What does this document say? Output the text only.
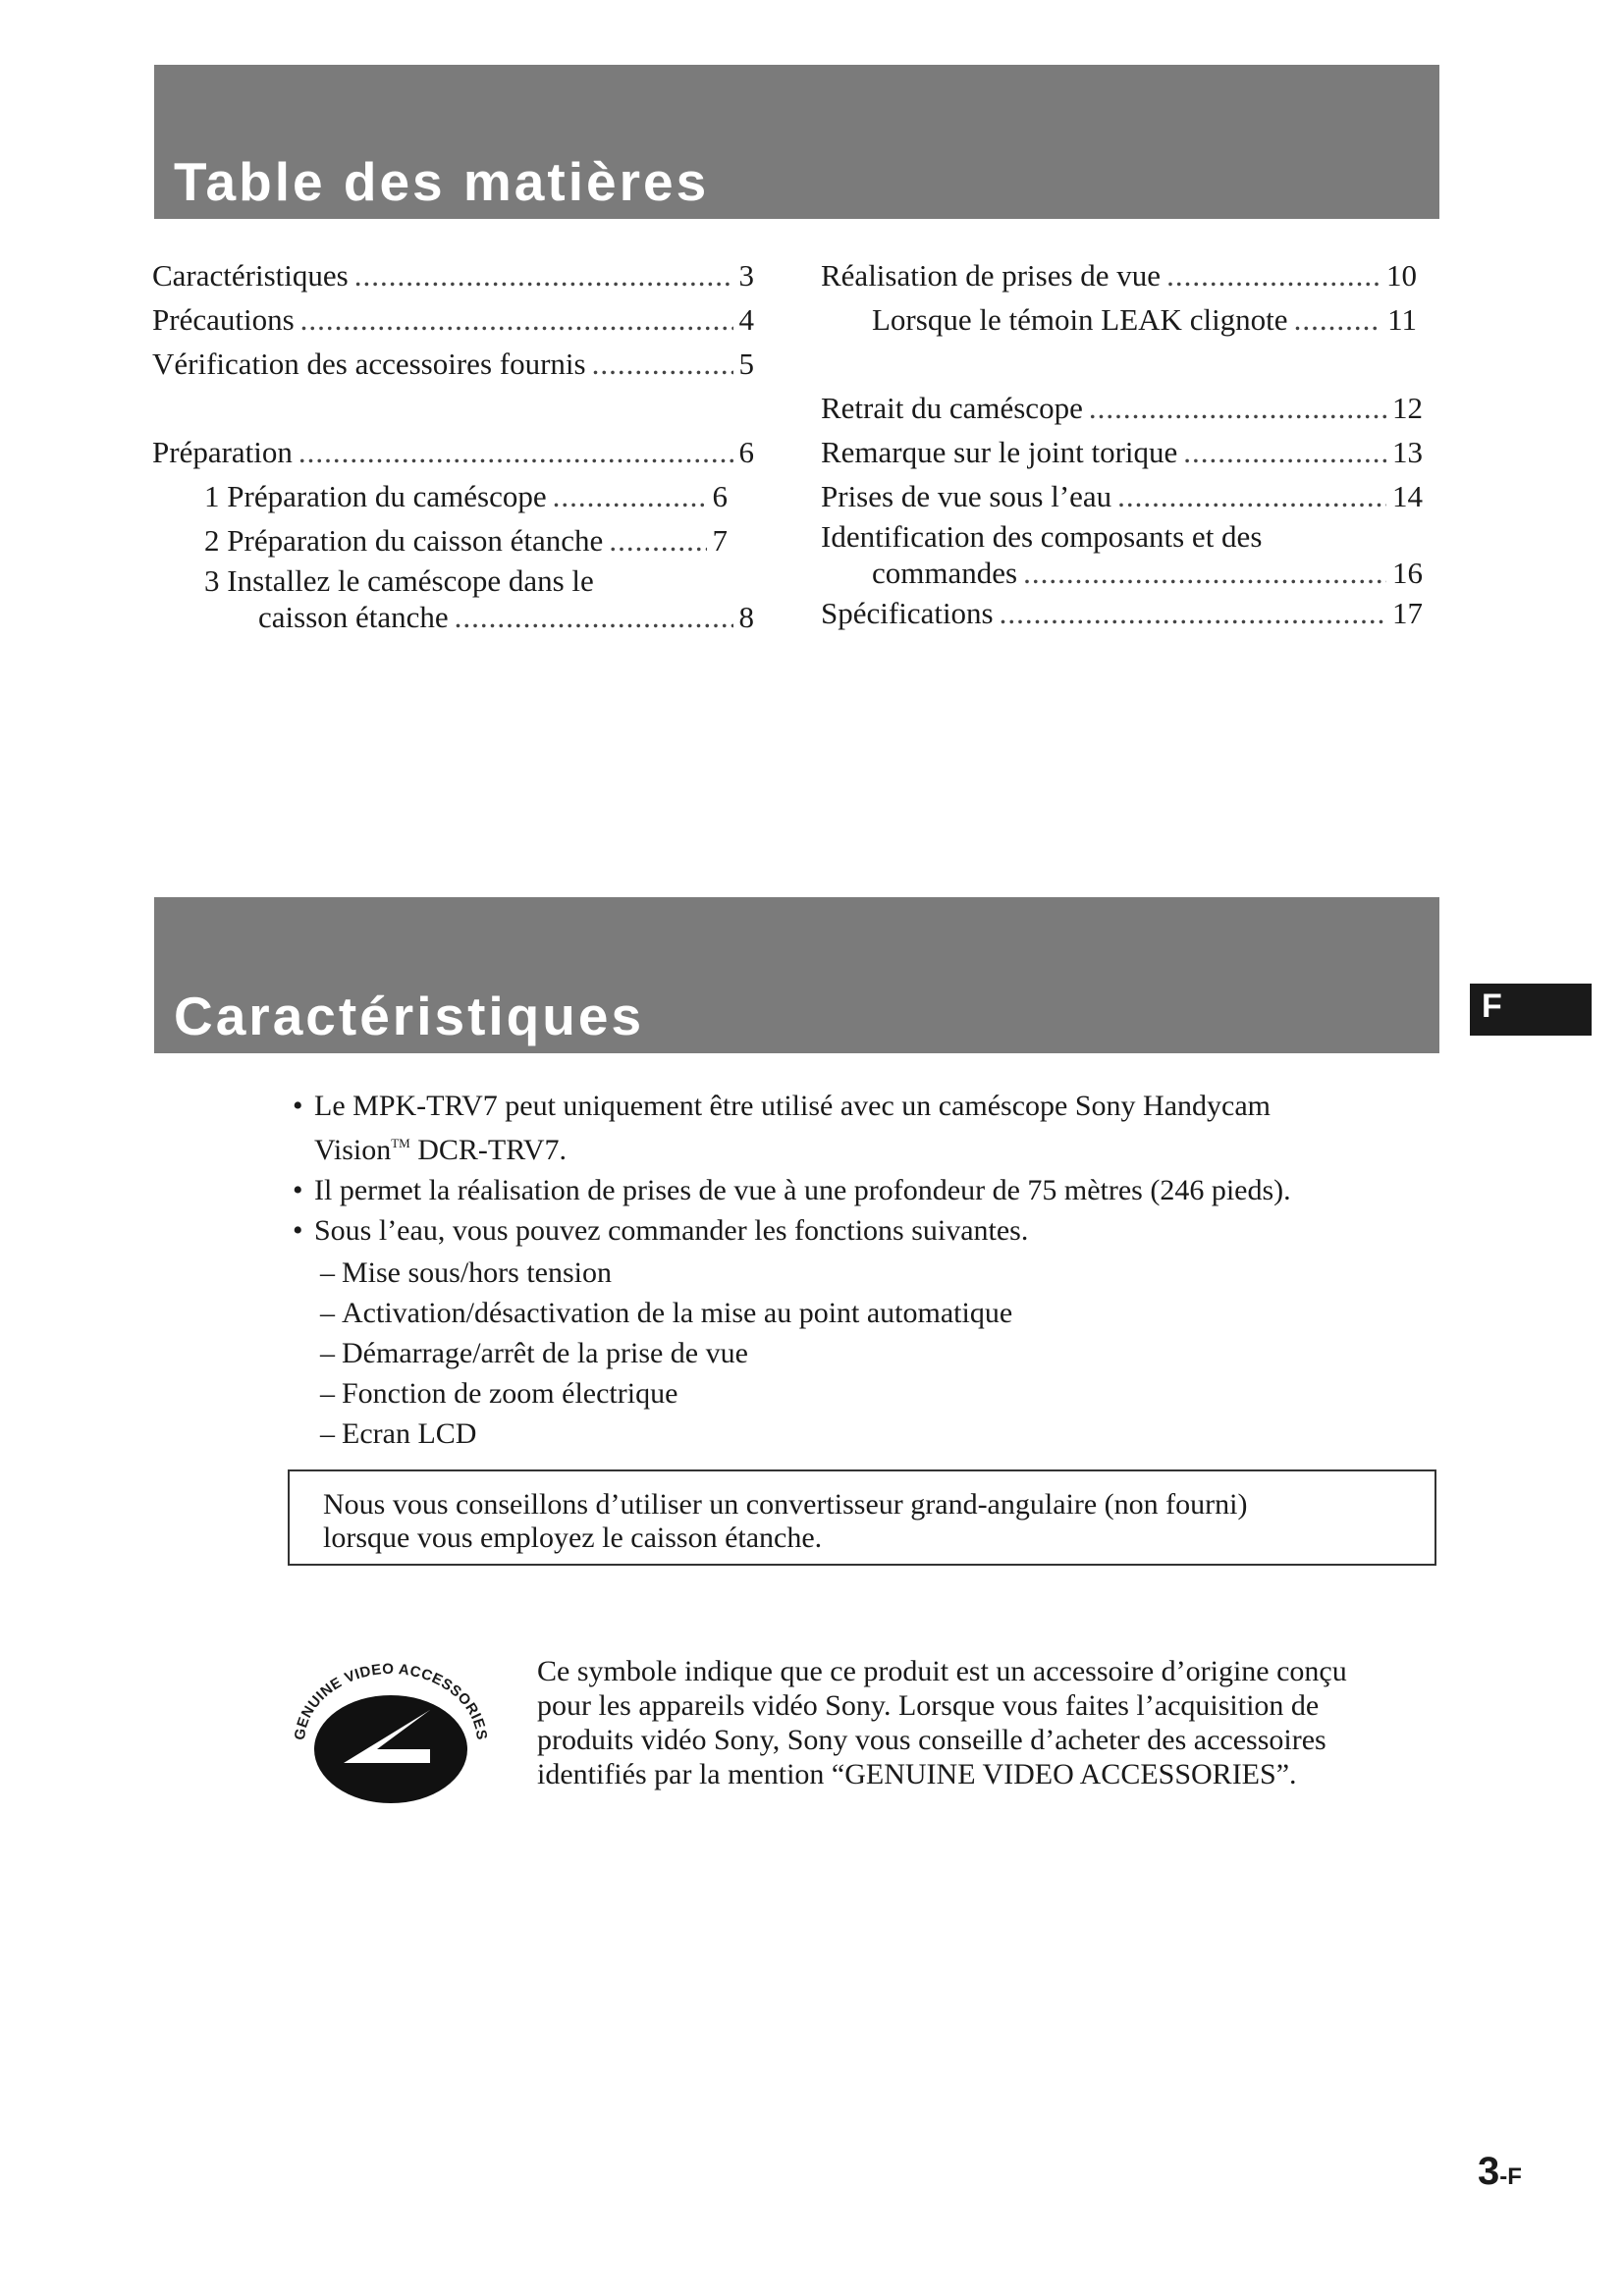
Table des matières
Caractéristiques .....	3
Précautions .....	4
Vérification des accessoires fournis .....	5
Préparation .....	6
1 Préparation du caméscope .....	6
2 Préparation du caisson étanche .....	7
3 Installez le caméscope dans le
caisson étanche .....	8
Réalisation de prises de vue .....	10
Lorsque le témoin LEAK clignote .....	11
Retrait du caméscope .....	12
Remarque sur le joint torique .....	13
Prises de vue sous l’eau .....	14
Identification des composants et des
commandes .....	16
Spécifications .....	17
Caractéristiques	F
• Le MPK-TRV7 peut uniquement être utilisé avec un caméscope Sony Handycam
Vision™ DCR-TRV7.
• Il permet la réalisation de prises de vue à une profondeur de 75 mètres (246 pieds).
• Sous l’eau, vous pouvez commander les fonctions suivantes.
– Mise sous/hors tension
– Activation/désactivation de la mise au point automatique
– Démarrage/arrêt de la prise de vue
– Fonction de zoom électrique
– Ecran LCD
Nous vous conseillons d’utiliser un convertisseur grand-angulaire (non fourni)
lorsque vous employez le caisson étanche.
GENUINE VIDEO ACCESSORIES
Ce symbole indique que ce produit est un accessoire d’origine conçu
pour les appareils vidéo Sony. Lorsque vous faites l’acquisition de
produits vidéo Sony, Sony vous conseille d’acheter des accessoires
identifiés par la mention “GENUINE VIDEO ACCESSORIES”.
3-F
